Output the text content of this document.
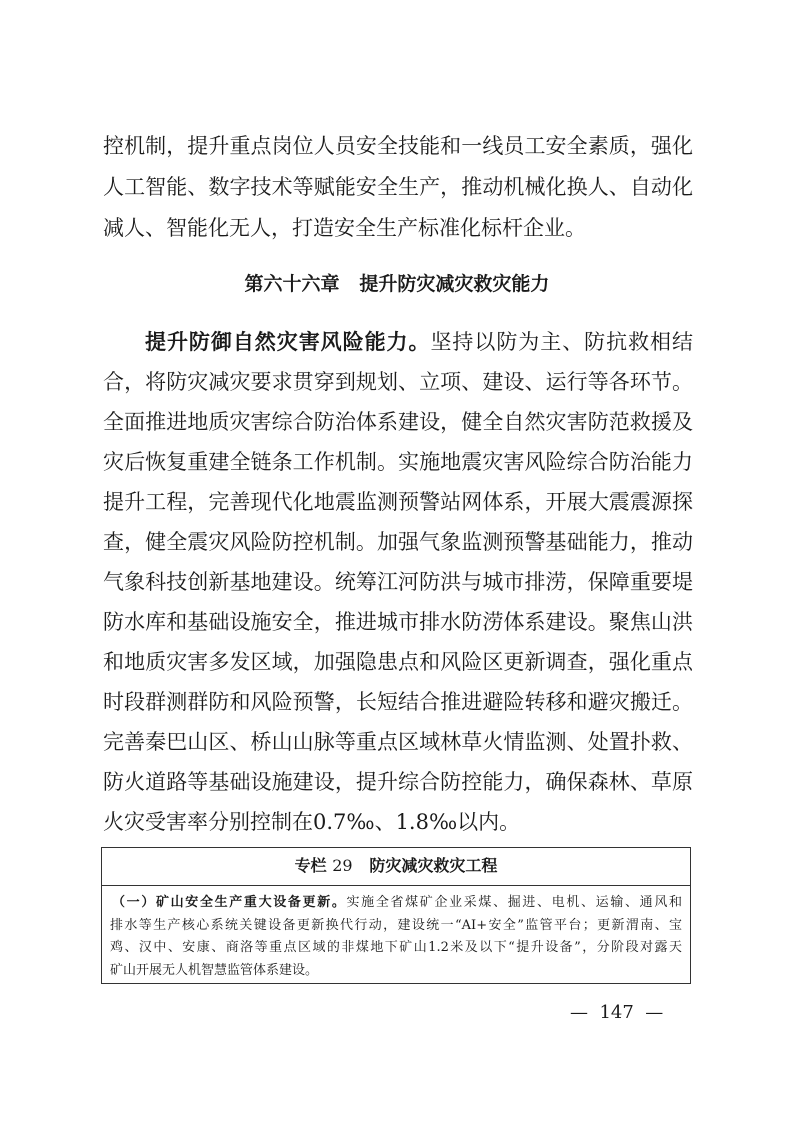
控机制，提升重点岗位人员安全技能和一线员工安全素质，强化
人工智能、数字技术等赋能安全生产，推动机械化换人、自动化
减人、智能化无人，打造安全生产标准化标杆企业。
第六十六章 提升防灾减灾救灾能力
提升防御自然灾害风险能力。坚持以防为主、防抗救相结
合，将防灾减灾要求贯穿到规划、立项、建设、运行等各环节。
全面推进地质灾害综合防治体系建设，健全自然灾害防范救援及
灾后恢复重建全链条工作机制。实施地震灾害风险综合防治能力
提升工程，完善现代化地震监测预警站网体系，开展大震震源探
查，健全震灾风险防控机制。加强气象监测预警基础能力，推动
气象科技创新基地建设。统筹江河防洪与城市排涝，保障重要堤
防水库和基础设施安全，推进城市排水防涝体系建设。聚焦山洪
和地质灾害多发区域，加强隐患点和风险区更新调查，强化重点
时段群测群防和风险预警，长短结合推进避险转移和避灾搬迁。
完善秦巴山区、桥山山脉等重点区域林草火情监测、处置扑救、
防火道路等基础设施建设，提升综合防控能力，确保森林、草原
火灾受害率分别控制在0.7‰、1.8‰以内。
专栏 29 防灾减灾救灾工程
（一）矿山安全生产重大设备更新。实施全省煤矿企业采煤、掘进、电机、运输、通风和
排水等生产核心系统关键设备更新换代行动，建设统一“AI+安全”监管平台；更新渭南、宝
鸡、汉中、安康、商洛等重点区域的非煤地下矿山1.2米及以下“提升设备”，分阶段对露天
矿山开展无人机智慧监管体系建设。
— 147 —
